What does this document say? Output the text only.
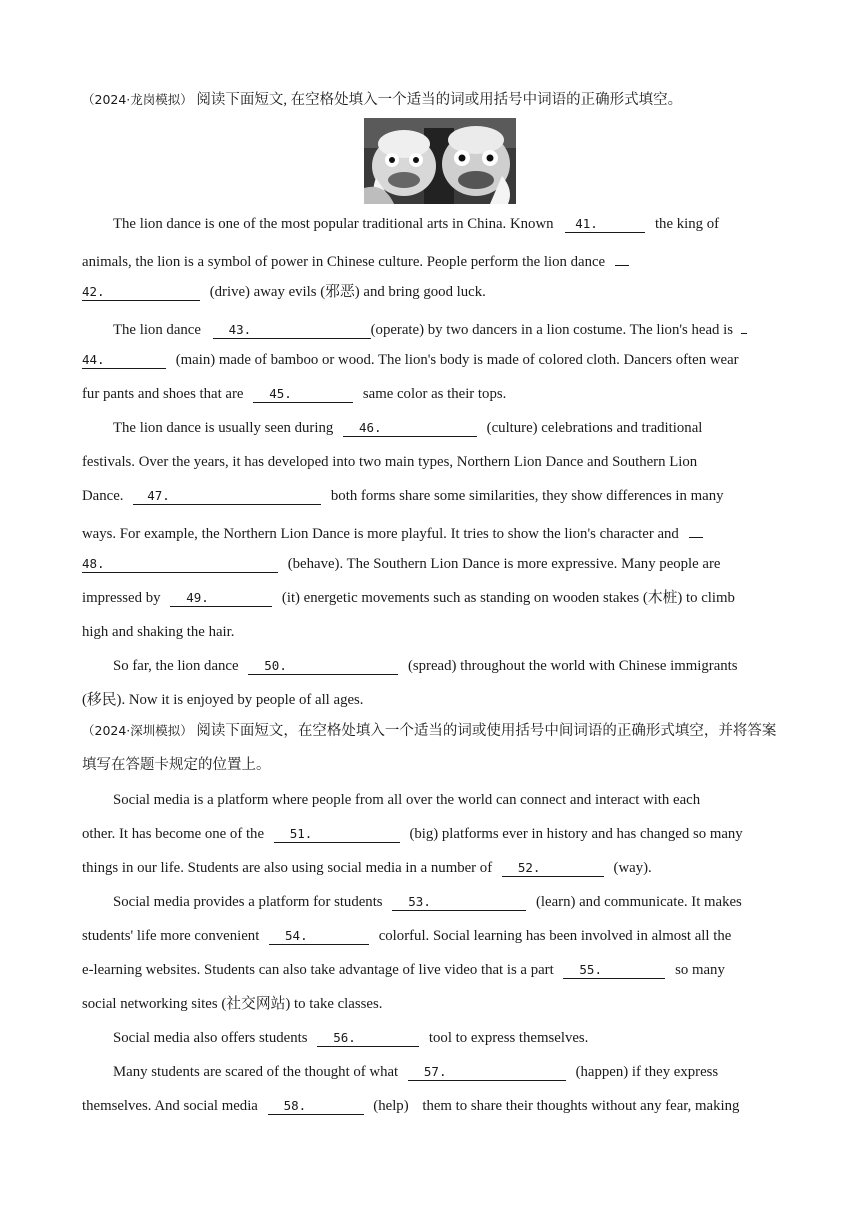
（2024·龙岗模拟） 阅读下面短文, 在空格处填入一个适当的词或用括号中词语的正确形式填空。
The lion dance is one of the most popular traditional arts in China. Known 41.	the king of
animals, the lion is a symbol of power in Chinese culture. People perform the lion dance
42.	(drive) away evils (邪恶) and bring good luck.
The lion dance 43.	(operate) by two dancers in a lion costume. The lion's head is
44.	(main) made of bamboo or wood. The lion's body is made of colored cloth. Dancers often wear
fur pants and shoes that are 45.	same color as their tops.
The lion dance is usually seen during 46.	(culture) celebrations and traditional
festivals. Over the years, it has developed into two main types, Northern Lion Dance and Southern Lion
Dance. 47.	both forms share some similarities, they show differences in many
ways. For example, the Northern Lion Dance is more playful. It tries to show the lion's character and
48.	(behave). The Southern Lion Dance is more expressive. Many people are
impressed by 49.	(it) energetic movements such as standing on wooden stakes (木桩) to climb
high and shaking the hair.
So far, the lion dance 50.	(spread) throughout the world with Chinese immigrants
(移民). Now it is enjoyed by people of all ages.
（2024·深圳模拟） 阅读下面短文，在空格处填入一个适当的词或使用括号中间词语的正确形式填空，并将答案填写在答题卡规定的位置上。
Social media is a platform where people from all over the world can connect and interact with each
other. It has become one of the 51.	(big) platforms ever in history and has changed so many
things in our life. Students are also using social media in a number of 52.	(way).
Social media provides a platform for students 53.	(learn) and communicate. It makes
students' life more convenient 54.	colorful. Social learning has been involved in almost all the
e-learning websites. Students can also take advantage of live video that is a part 55.	so many
social networking sites (社交网站) to take classes.
Social media also offers students 56.	tool to express themselves.
Many students are scared of the thought of what 57.	(happen) if they express
themselves. And social media 58.	(help) them to share their thoughts without any fear, making
